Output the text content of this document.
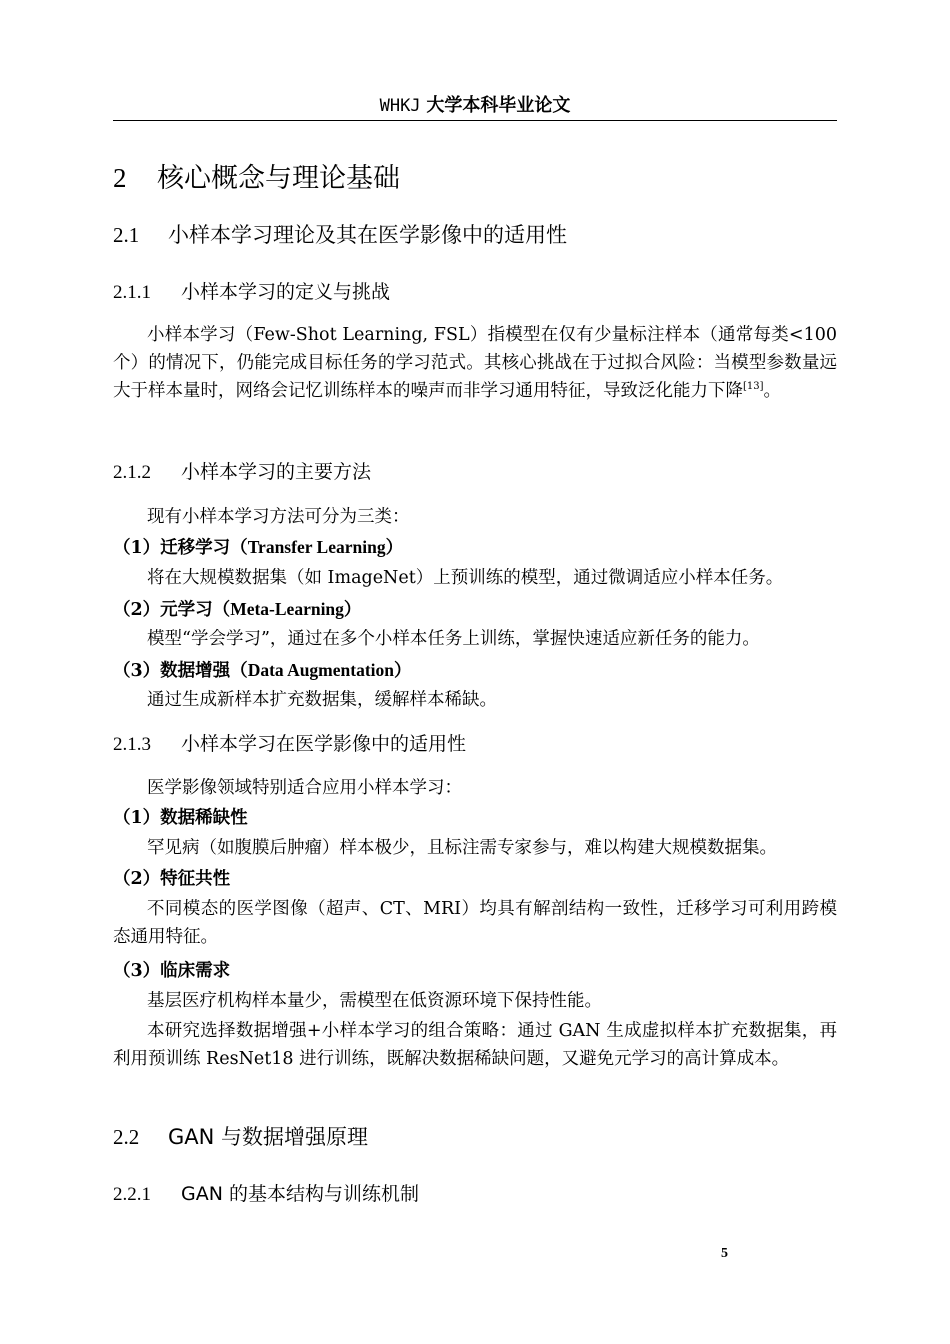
WHKJ 大学本科毕业论文
2 核心概念与理论基础
2.1 小样本学习理论及其在医学影像中的适用性
2.1.1 小样本学习的定义与挑战

小样本学习（Few-Shot Learning, FSL）指模型在仅有少量标注样本（通常每类<100个）的情况下，仍能完成目标任务的学习范式。其核心挑战在于过拟合风险：当模型参数量远大于样本量时，网络会记忆训练样本的噪声而非学习通用特征，导致泛化能力下降[13]。

2.1.2 小样本学习的主要方法

现有小样本学习方法可分为三类：

（1）迁移学习（Transfer Learning）

将在大规模数据集（如 ImageNet）上预训练的模型，通过微调适应小样本任务。

（2）元学习（Meta-Learning）

模型“学会学习”，通过在多个小样本任务上训练，掌握快速适应新任务的能力。

（3）数据增强（Data Augmentation）

通过生成新样本扩充数据集，缓解样本稀缺。

2.1.3 小样本学习在医学影像中的适用性

医学影像领域特别适合应用小样本学习：

（1）数据稀缺性

罕见病（如腹膜后肿瘤）样本极少，且标注需专家参与，难以构建大规模数据集。

（2）特征共性

不同模态的医学图像（超声、CT、MRI）均具有解剖结构一致性，迁移学习可利用跨模态通用特征。

（3）临床需求

基层医疗机构样本量少，需模型在低资源环境下保持性能。

本研究选择数据增强+小样本学习的组合策略：通过 GAN 生成虚拟样本扩充数据集，再利用预训练 ResNet18 进行训练，既解决数据稀缺问题，又避免元学习的高计算成本。

2.2 GAN 与数据增强原理
2.2.1 GAN 的基本结构与训练机制
5
